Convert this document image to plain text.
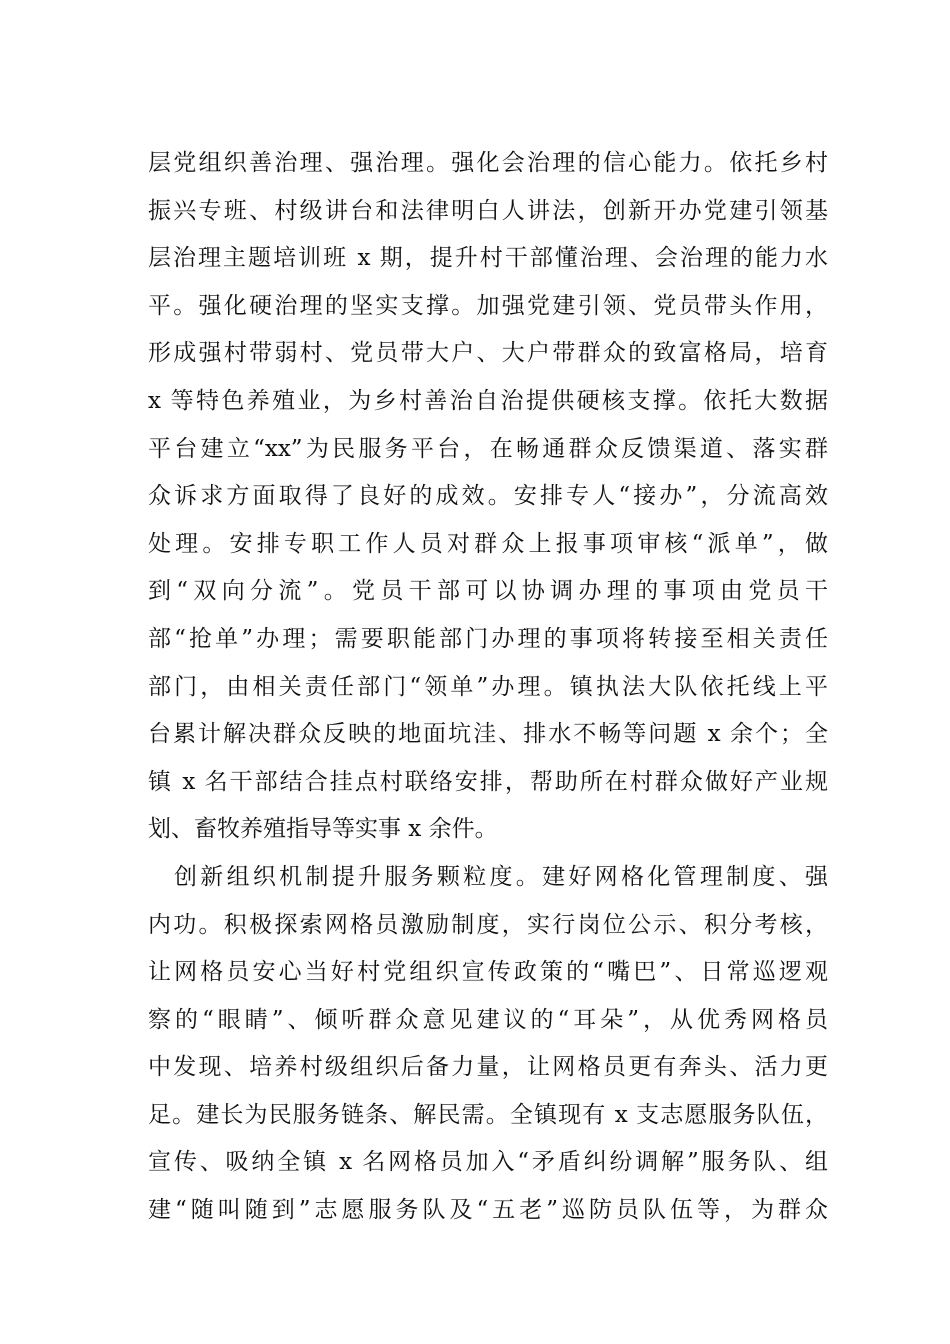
层党组织善治理、强治理。强化会治理的信心能力。依托乡村
振兴专班、村级讲台和法律明白人讲法，创新开办党建引领基
层治理主题培训班 x 期，提升村干部懂治理、会治理的能力水
平。强化硬治理的坚实支撑。加强党建引领、党员带头作用，
形成强村带弱村、党员带大户、大户带群众的致富格局，培育
x 等特色养殖业，为乡村善治自治提供硬核支撑。依托大数据
平台建立“xx”为民服务平台，在畅通群众反馈渠道、落实群
众诉求方面取得了良好的成效。安排专人“接办”，分流高效
处理。安排专职工作人员对群众上报事项审核“派单”，做
到“双向分流”。党员干部可以协调办理的事项由党员干
部“抢单”办理；需要职能部门办理的事项将转接至相关责任
部门，由相关责任部门“领单”办理。镇执法大队依托线上平
台累计解决群众反映的地面坑洼、排水不畅等问题 x 余个；全
镇 x 名干部结合挂点村联络安排，帮助所在村群众做好产业规
划、畜牧养殖指导等实事 x 余件。
创新组织机制提升服务颗粒度。建好网格化管理制度、强
内功。积极探索网格员激励制度，实行岗位公示、积分考核，
让网格员安心当好村党组织宣传政策的“嘴巴”、日常巡逻观
察的“眼睛”、倾听群众意见建议的“耳朵”，从优秀网格员
中发现、培养村级组织后备力量，让网格员更有奔头、活力更
足。建长为民服务链条、解民需。全镇现有 x 支志愿服务队伍，
宣传、吸纳全镇 x 名网格员加入“矛盾纠纷调解”服务队、组
建“随叫随到”志愿服务队及“五老”巡防员队伍等，为群众
